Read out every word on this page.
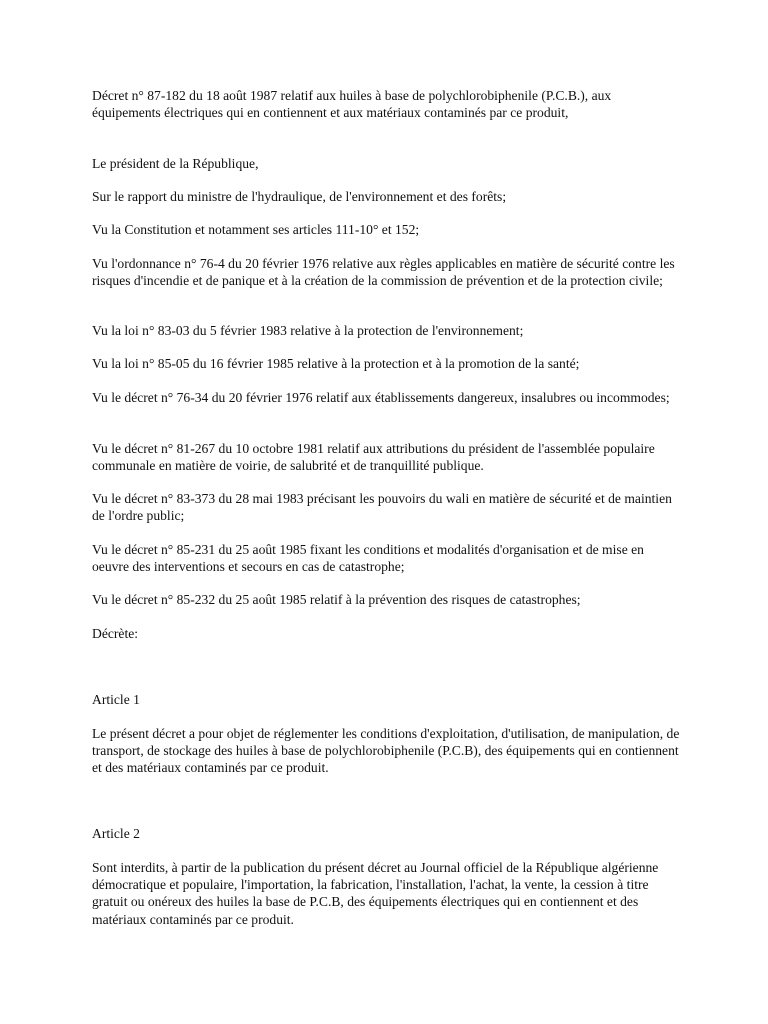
Décret n° 87-182 du 18 août 1987 relatif aux huiles à base de polychlorobiphenile (P.C.B.), aux équipements électriques qui en contiennent et aux matériaux contaminés par ce produit,

Le président de la République,

Sur le rapport du ministre de l'hydraulique, de l'environnement et des forêts;

Vu la Constitution et notamment ses articles 111-10° et 152;

Vu l'ordonnance n° 76-4 du 20 février 1976 relative aux règles applicables en matière de sécurité contre les risques d'incendie et de panique et à la création de la commission de prévention et de la protection civile;

Vu la loi n° 83-03 du 5 février 1983 relative à la protection de l'environnement;

Vu la loi n° 85-05 du 16 février 1985 relative à la protection et à la promotion de la santé;

Vu le décret n° 76-34 du 20 février 1976 relatif aux établissements dangereux, insalubres ou incommodes;

Vu le décret n° 81-267 du 10 octobre 1981 relatif aux attributions du président de l'assemblée populaire communale en matière de voirie, de salubrité et de tranquillité publique.

Vu le décret n° 83-373 du 28 mai 1983 précisant les pouvoirs du wali en matière de sécurité et de maintien de l'ordre public;

Vu le décret n° 85-231 du 25 août 1985 fixant les conditions et modalités d'organisation et de mise en oeuvre des interventions et secours en cas de catastrophe;

Vu le décret n° 85-232 du 25 août 1985 relatif à la prévention des risques de catastrophes;

Décrète:

Article 1

Le présent décret a pour objet de réglementer les conditions d'exploitation, d'utilisation, de manipulation, de transport, de stockage des huiles à base de polychlorobiphenile (P.C.B), des équipements qui en contiennent et des matériaux contaminés par ce produit.

Article 2

Sont interdits, à partir de la publication du présent décret au Journal officiel de la République algérienne démocratique et populaire, l'importation, la fabrication, l'installation, l'achat, la vente, la cession à titre gratuit ou onéreux des huiles la base de P.C.B, des équipements électriques qui en contiennent et des matériaux contaminés par ce produit.
